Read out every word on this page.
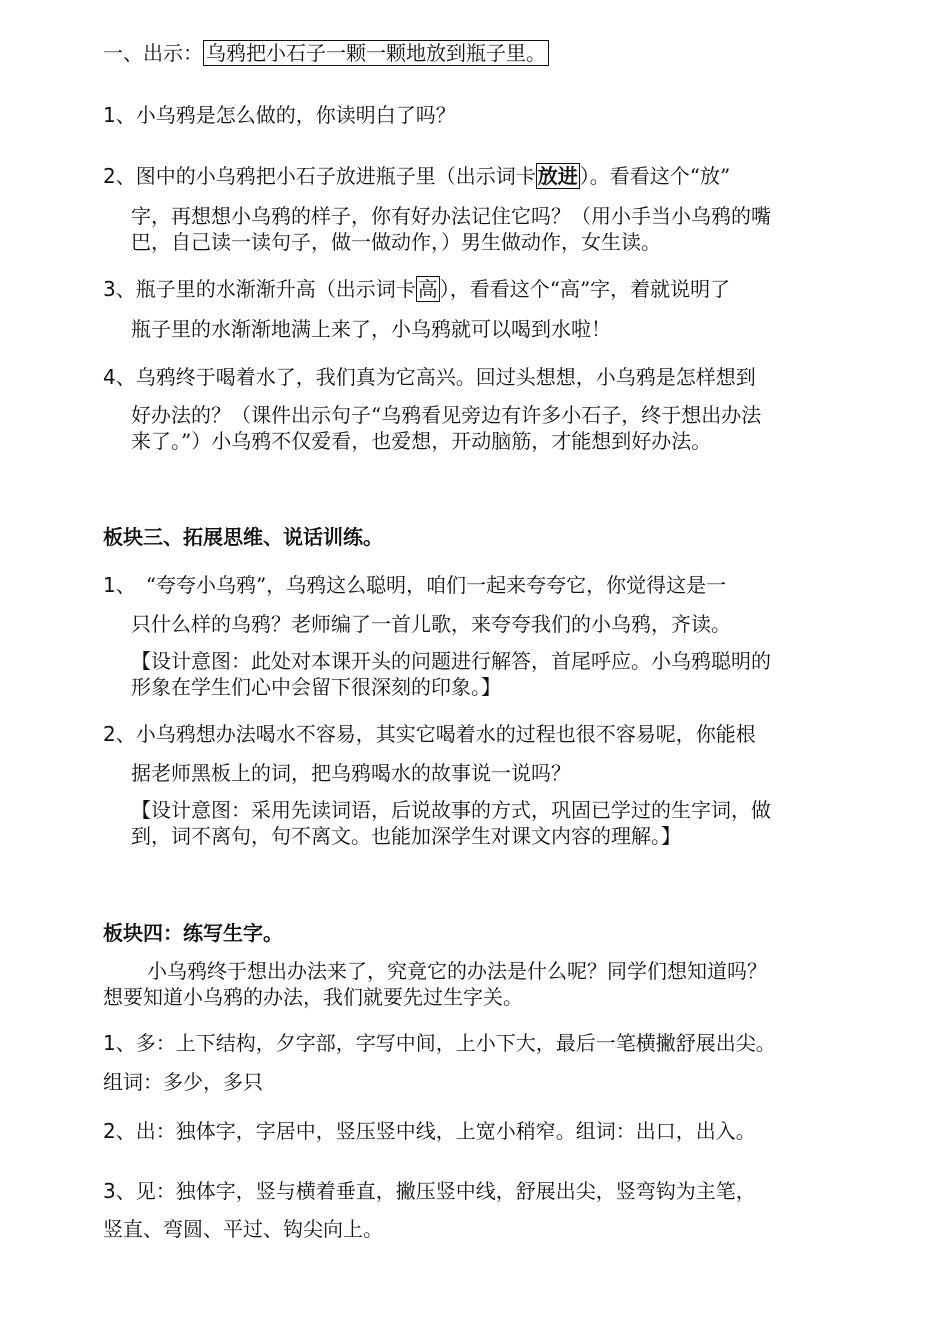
一、出示： 乌鸦把小石子一颗一颗地放到瓶子里。
1、小乌鸦是怎么做的，你读明白了吗？
2、图中的小乌鸦把小石子放进瓶子里（出示词卡 放进 ）。看看这个“放”
字，再想想小乌鸦的样子，你有好办法记住它吗？（用小手当小乌鸦的嘴
巴，自己读一读句子，做一做动作，）男生做动作，女生读。
3、瓶子里的水渐渐升高（出示词卡 高 ），看看这个“高”字，着就说明了
瓶子里的水渐渐地满上来了，小乌鸦就可以喝到水啦！
4、乌鸦终于喝着水了，我们真为它高兴。回过头想想，小乌鸦是怎样想到
好办法的？（课件出示句子“乌鸦看见旁边有许多小石子，终于想出办法
来了。”）小乌鸦不仅爱看，也爱想，开动脑筋，才能想到好办法。
板块三、拓展思维、说话训练。
1、　“夸夸小乌鸦”，乌鸦这么聪明，咱们一起来夸夸它，你觉得这是一
只什么样的乌鸦？老师编了一首儿歌，来夸夸我们的小乌鸦，齐读。
【设计意图：此处对本课开头的问题进行解答，首尾呼应。小乌鸦聪明的
形象在学生们心中会留下很深刻的印象。】
2、小乌鸦想办法喝水不容易，其实它喝着水的过程也很不容易呢，你能根
据老师黑板上的词，把乌鸦喝水的故事说一说吗？
【设计意图：采用先读词语，后说故事的方式，巩固已学过的生字词，做
到，词不离句，句不离文。也能加深学生对课文内容的理解。】
板块四：练写生字。
小乌鸦终于想出办法来了，究竟它的办法是什么呢？同学们想知道吗？
想要知道小乌鸦的办法，我们就要先过生字关。
1、多：上下结构，夕字部，字写中间，上小下大，最后一笔横撇舒展出尖。
组词：多少，多只
2、出：独体字，字居中，竖压竖中线，上宽小稍窄。组词：出口，出入。
3、见：独体字，竖与横着垂直，撇压竖中线，舒展出尖，竖弯钩为主笔，
竖直、弯圆、平过、钩尖向上。
